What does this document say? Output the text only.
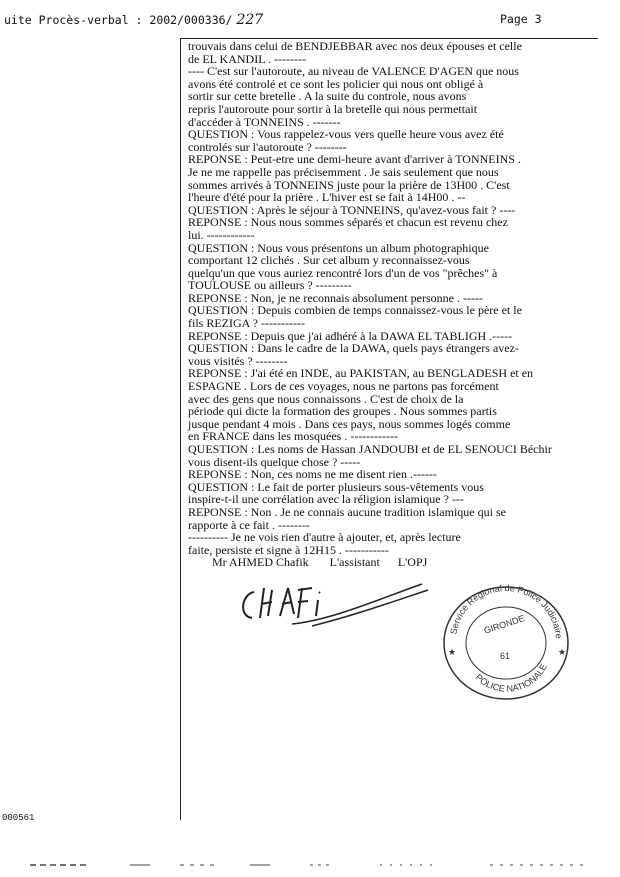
uite Procès-verbal : 2002/000336/ 227	Page 3
trouvais dans celui de BENDJEBBAR avec nos deux épouses et celle
de EL KANDIL . --------
---- C'est sur l'autoroute, au niveau de VALENCE D'AGEN que nous
avons été controlé et ce sont les policier qui nous ont obligé à
sortir sur cette bretelle . A la suite du controle, nous avons
repris l'autoroute pour sortir à la bretelle qui nous permettait
d'accéder à TONNEINS . -------
QUESTION : Vous rappelez-vous vers quelle heure vous avez été
controlés sur l'autoroute ? --------
REPONSE : Peut-etre une demi-heure avant d'arriver à TONNEINS .
Je ne me rappelle pas précisemment . Je sais seulement que nous
sommes arrivés à TONNEINS juste pour la prière de 13H00 . C'est
l'heure d'été pour la prière . L'hiver est se fait à 14H00 . --
QUESTION : Après le séjour à TONNEINS, qu'avez-vous fait ? ----
REPONSE : Nous nous sommes séparés et chacun est revenu chez
lui. ------------
QUESTION : Nous vous présentons un album photographique
comportant 12 clichés . Sur cet album y reconnaissez-vous
quelqu'un que vous auriez rencontré lors d'un de vos "prêches" à
TOULOUSE ou ailleurs ? ---------
REPONSE : Non, je ne reconnais absolument personne . -----
QUESTION : Depuis combien de temps connaissez-vous le père et le
fils REZIGA ? -----------
REPONSE : Depuis que j'ai adhéré à la DAWA EL TABLIGH .-----
QUESTION : Dans le cadre de la DAWA, quels pays étrangers avez-
vous visités ? --------
REPONSE : J'ai été en INDE, au PAKISTAN, au BENGLADESH et en
ESPAGNE . Lors de ces voyages, nous ne partons pas forcément
avec des gens que nous connaissons . C'est de choix de la
période qui dicte la formation des groupes . Nous sommes partis
jusque pendant 4 mois . Dans ces pays, nous sommes logés comme
en FRANCE dans les mosquées . ------------
QUESTION : Les noms de Hassan JANDOUBI et de EL SENOUCI Béchir
vous disent-ils quelque chose ? -----
REPONSE : Non, ces noms ne me disent rien .------
QUESTION : Le fait de porter plusieurs sous-vêtements vous
inspire-t-il une corrélation avec la réligion islamique ? ---
REPONSE : Non . Je ne connais aucune tradition islamique qui se
rapporte à ce fait . --------
---------- Je ne vois rien d'autre à ajouter, et, après lecture
faite, persiste et signe à 12H15 . -----------
Mr AHMED Chafik       L'assistant      L'OPJ
Service Régional de Police Judiciaire
GIRONDE
61
POLICE NATIONALE
★
★
000561
